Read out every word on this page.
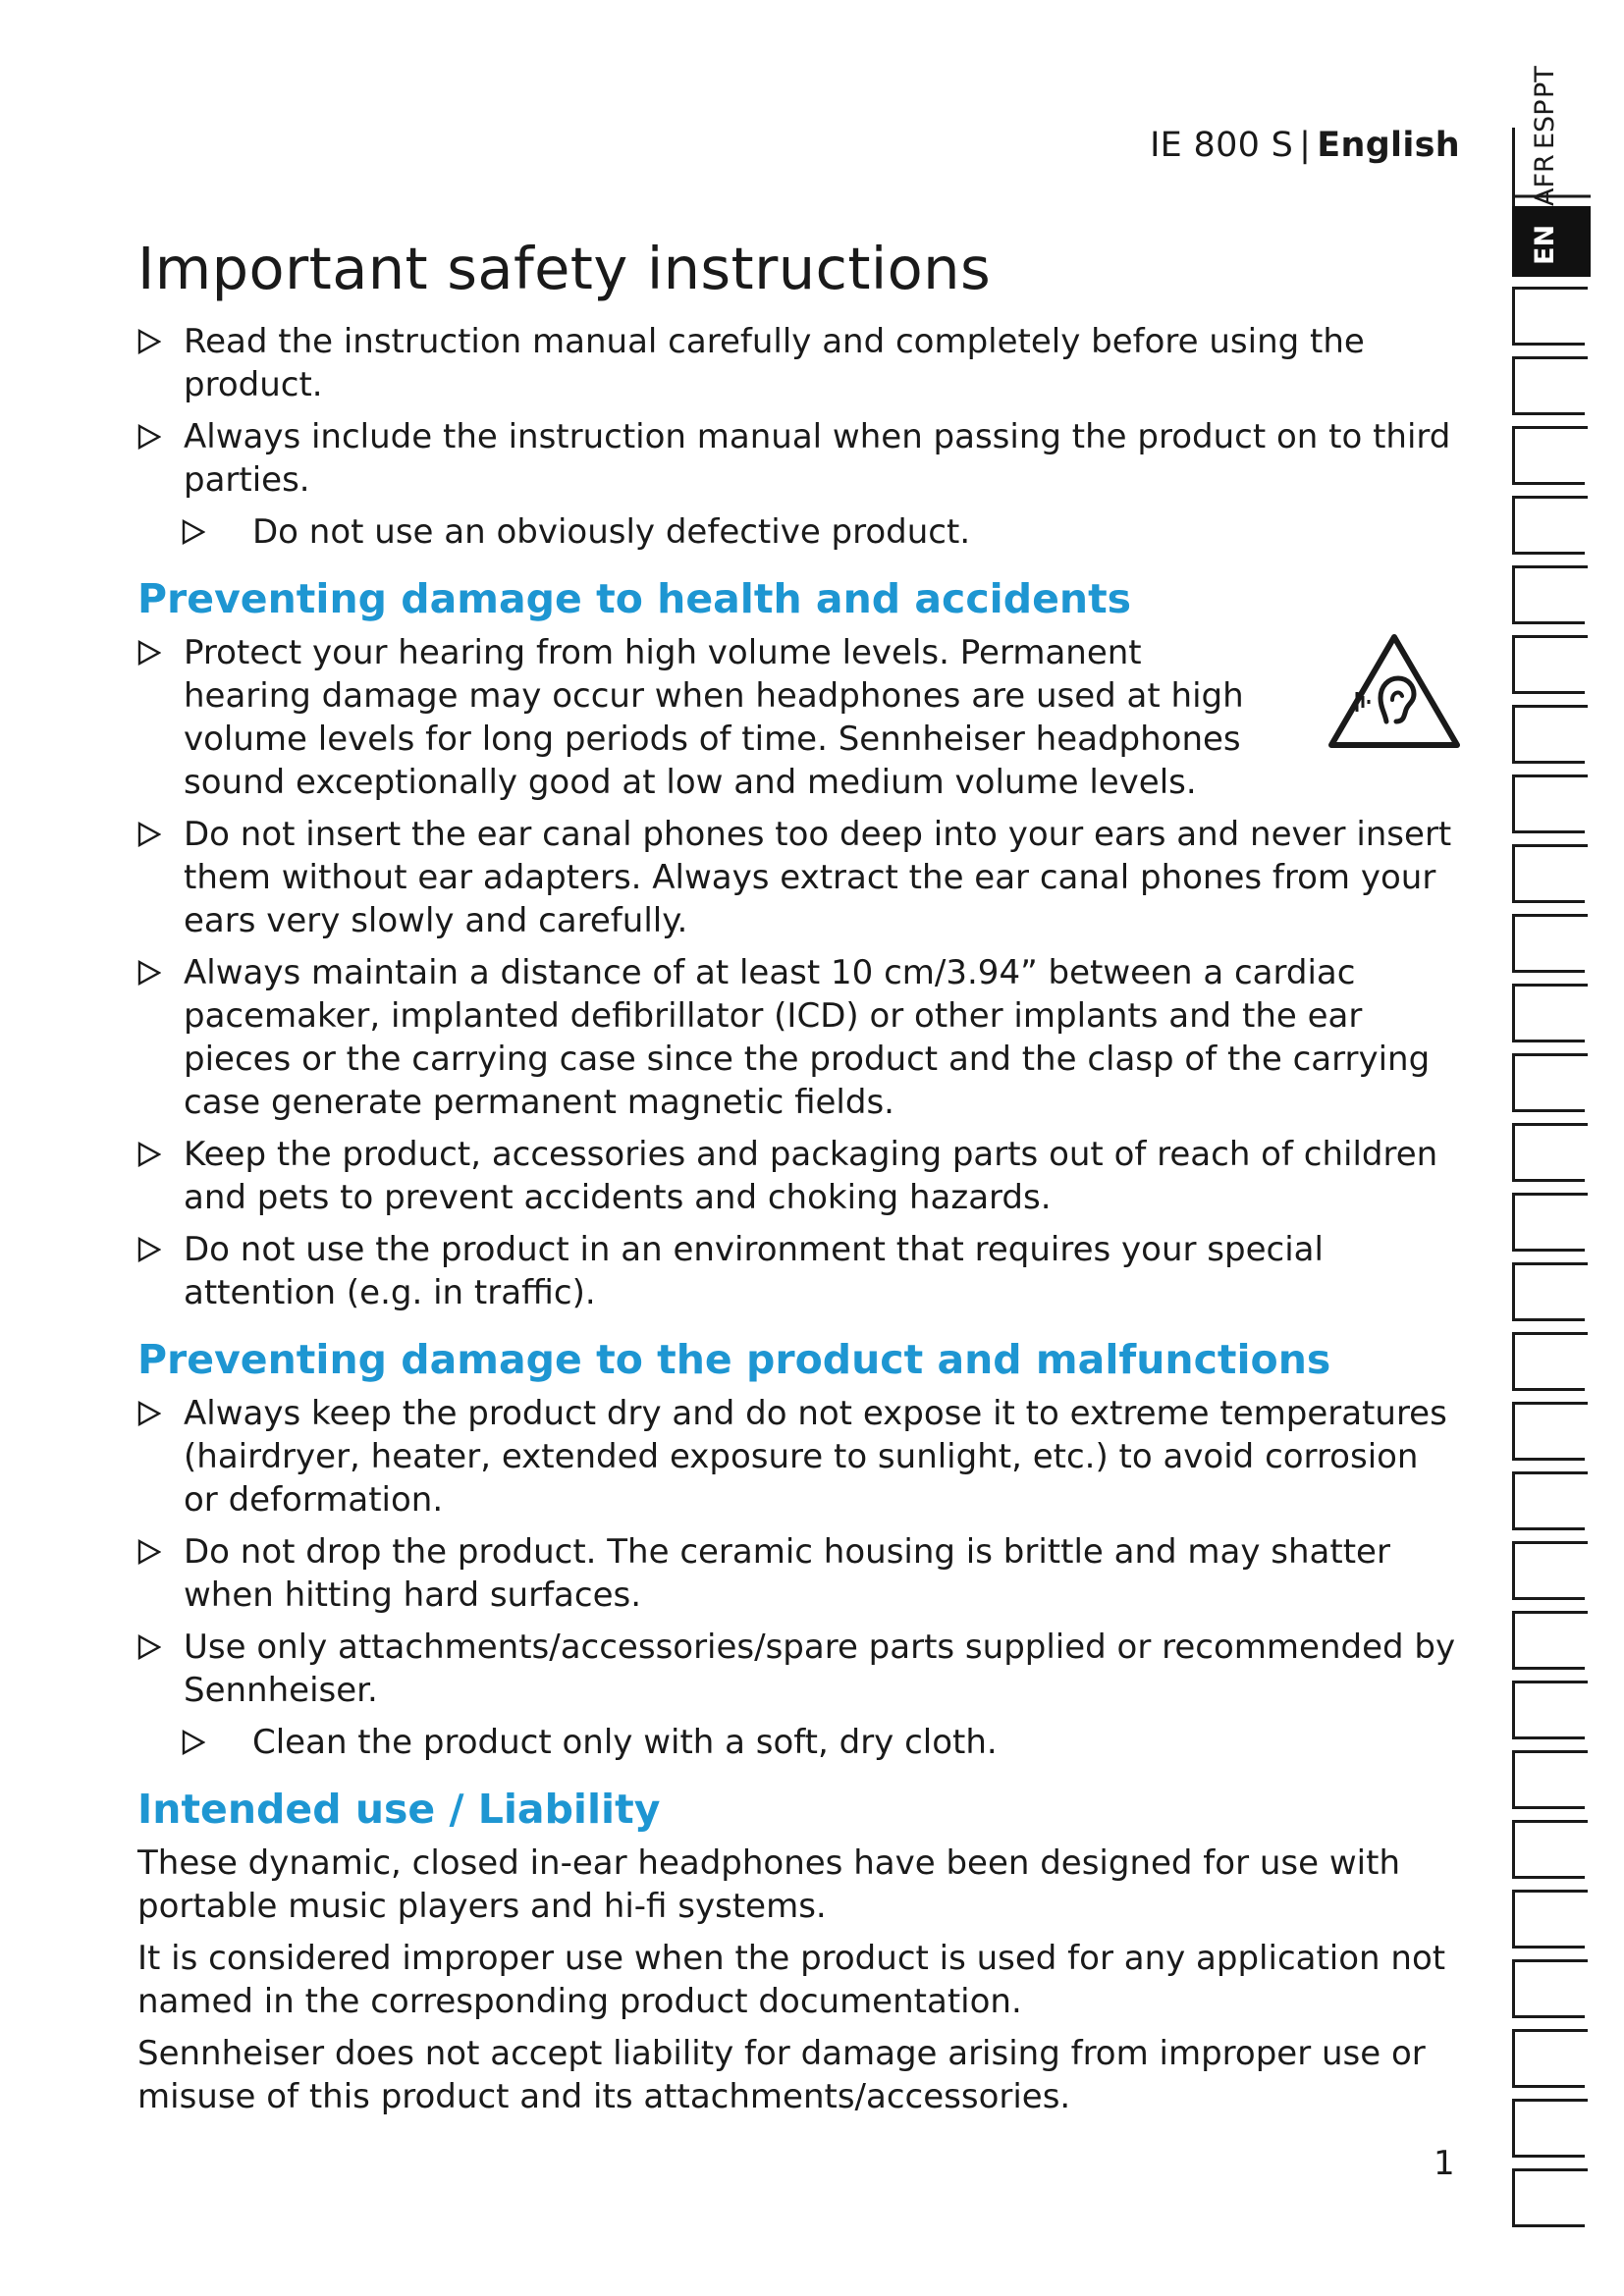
IE 800 S | English
Important safety instructions
Read the instruction manual carefully and completely before using the product.
Always include the instruction manual when passing the product on to third parties.
Do not use an obviously defective product.
Preventing damage to health and accidents
Protect your hearing from high volume levels. Permanent hearing damage may occur when headphones are used at high volume levels for long periods of time. Sennheiser headphones sound exceptionally good at low and medium volume levels.
Do not insert the ear canal phones too deep into your ears and never insert them without ear adapters. Always extract the ear canal phones from your ears very slowly and carefully.
Always maintain a distance of at least 10 cm/3.94” between a cardiac pacemaker, implanted defibrillator (ICD) or other implants and the ear pieces or the carrying case since the product and the clasp of the carrying case generate permanent magnetic fields.
Keep the product, accessories and packaging parts out of reach of children and pets to prevent accidents and choking hazards.
Do not use the product in an environment that requires your special attention (e.g. in traffic).
Preventing damage to the product and malfunctions
Always keep the product dry and do not expose it to extreme temperatures (hairdryer, heater, extended exposure to sunlight, etc.) to avoid corrosion or deformation.
Do not drop the product. The ceramic housing is brittle and may shatter when hitting hard surfaces.
Use only attachments/accessories/spare parts supplied or recommended by Sennheiser.
Clean the product only with a soft, dry cloth.
Intended use / Liability

These dynamic, closed in-ear headphones have been designed for use with portable music players and hi-fi systems.

It is considered improper use when the product is used for any application not named in the corresponding product documentation.

Sennheiser does not accept liability for damage arising from improper use or misuse of this product and its attachments/accessories.

1
AFR
ESP
PT
EN
